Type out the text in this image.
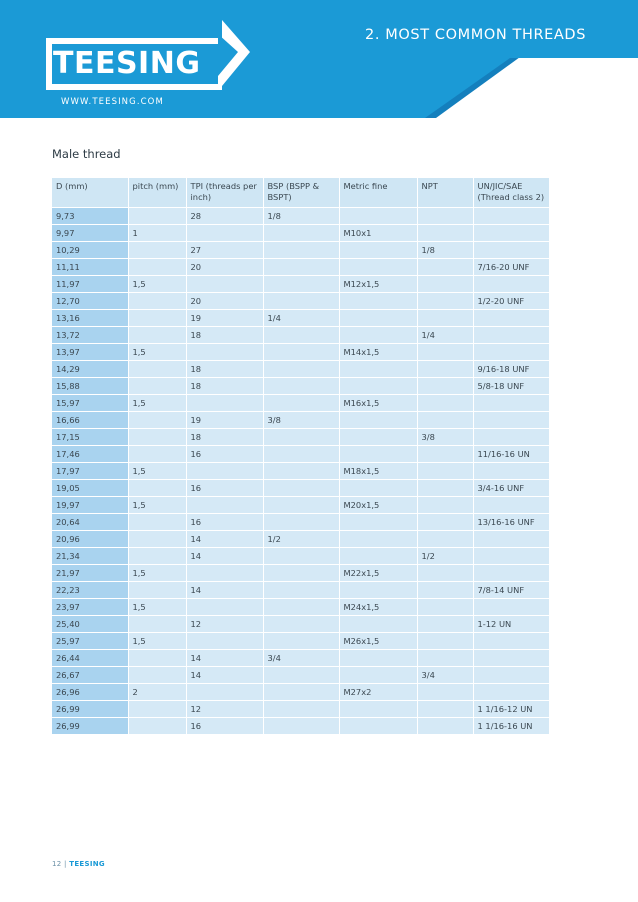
2. MOST COMMON THREADS
TEESING
WWW.TEESING.COM
Male thread
D (mm)	pitch (mm)	TPI (threads per inch)	BSP (BSPP & BSPT)	Metric fine	NPT	UN/JIC/SAE (Thread class 2)
9,73		28	1/8			
9,97	1			M10x1		
10,29		27			1/8	
11,11		20				7/16-20 UNF
11,97	1,5			M12x1,5		
12,70		20				1/2-20 UNF
13,16		19	1/4			
13,72		18			1/4	
13,97	1,5			M14x1,5		
14,29		18				9/16-18 UNF
15,88		18				5/8-18 UNF
15,97	1,5			M16x1,5		
16,66		19	3/8			
17,15		18			3/8	
17,46		16				11/16-16 UN
17,97	1,5			M18x1,5		
19,05		16				3/4-16 UNF
19,97	1,5			M20x1,5		
20,64		16				13/16-16 UNF
20,96		14	1/2			
21,34		14			1/2	
21,97	1,5			M22x1,5		
22,23		14				7/8-14 UNF
23,97	1,5			M24x1,5		
25,40		12				1-12 UN
25,97	1,5			M26x1,5		
26,44		14	3/4			
26,67		14			3/4	
26,96	2			M27x2		
26,99		12				1 1/16-12 UN
26,99		16				1 1/16-16 UN
12 | TEESING
